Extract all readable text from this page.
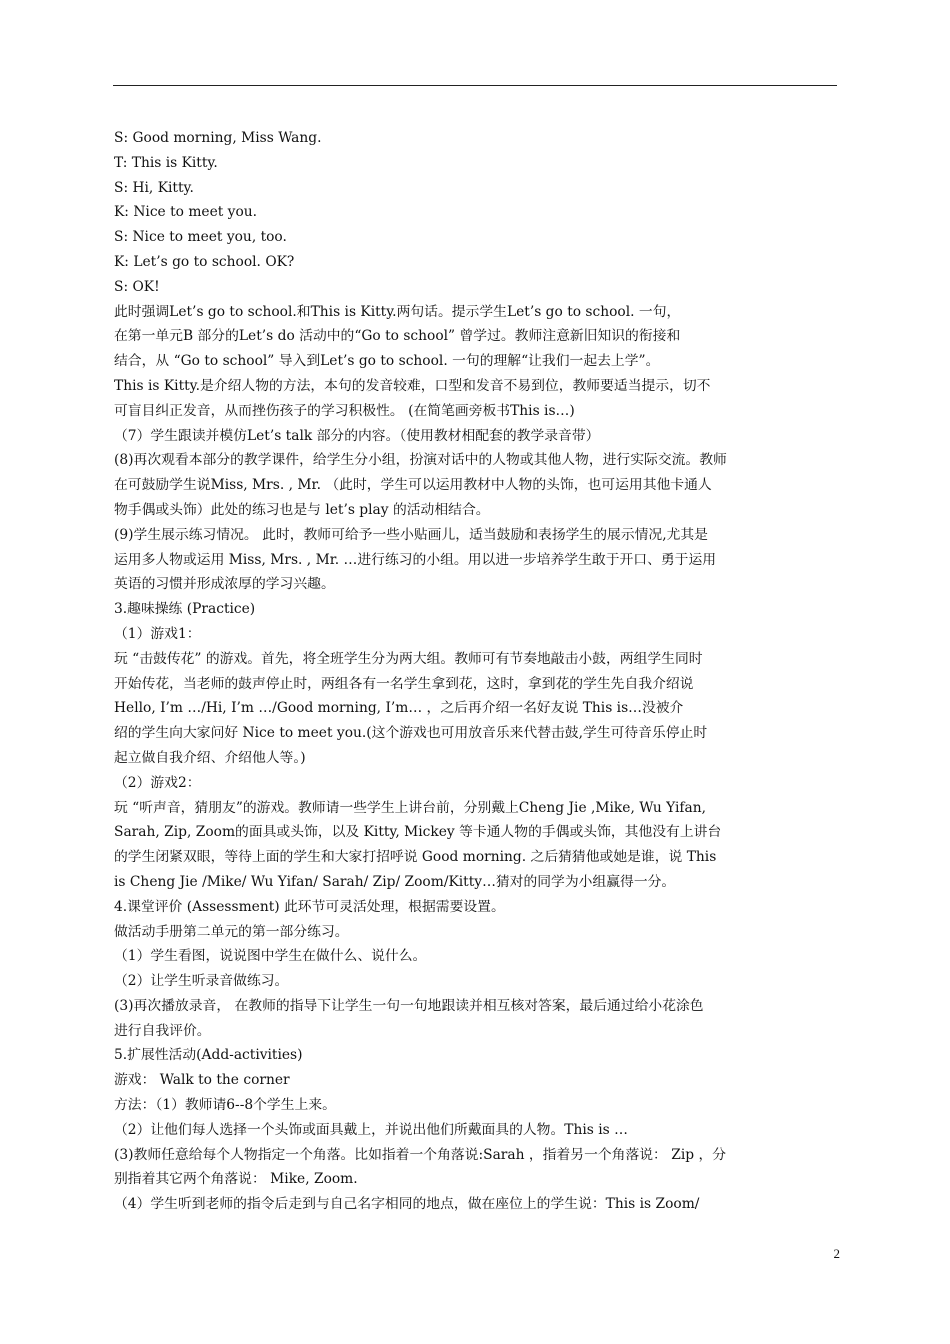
S: Good morning, Miss Wang.
T: This is Kitty.
S: Hi, Kitty.
K: Nice to meet you.
S: Nice to meet you, too.
K: Let’s go to school. OK?
S: OK!
此时强调Let’s go to school.和This is Kitty.两句话。提示学生Let’s go to school. 一句，
在第一单元B 部分的Let’s do 活动中的“Go to school” 曾学过。教师注意新旧知识的衔接和
结合，从 “Go to school” 导入到Let’s go to school. 一句的理解“让我们一起去上学”。
This is Kitty.是介绍人物的方法，本句的发音较难，口型和发音不易到位，教师要适当提示，切不
可盲目纠正发音，从而挫伤孩子的学习积极性。 (在简笔画旁板书This is…)
（7）学生跟读并模仿Let’s talk 部分的内容。（使用教材相配套的教学录音带）
(8)再次观看本部分的教学课件，给学生分小组，扮演对话中的人物或其他人物，进行实际交流。教师
在可鼓励学生说Miss, Mrs. , Mr. （此时，学生可以运用教材中人物的头饰，也可运用其他卡通人
物手偶或头饰）此处的练习也是与 let’s play 的活动相结合。
(9)学生展示练习情况。 此时，教师可给予一些小贴画儿，适当鼓励和表扬学生的展示情况,尤其是
运用多人物或运用 Miss, Mrs. , Mr. …进行练习的小组。用以进一步培养学生敢于开口、勇于运用
英语的习惯并形成浓厚的学习兴趣。
3.趣味操练 (Practice)
（1）游戏1：
玩 “击鼓传花” 的游戏。首先，将全班学生分为两大组。教师可有节奏地敲击小鼓，两组学生同时
开始传花，当老师的鼓声停止时，两组各有一名学生拿到花，这时，拿到花的学生先自我介绍说
Hello, I’m …/Hi, I’m …/Good morning, I’m… ，之后再介绍一名好友说 This is…没被介
绍的学生向大家问好 Nice to meet you.(这个游戏也可用放音乐来代替击鼓,学生可待音乐停止时
起立做自我介绍、介绍他人等。)
（2）游戏2：
玩 “听声音，猜朋友”的游戏。教师请一些学生上讲台前，分别戴上Cheng Jie ,Mike, Wu Yifan,
Sarah, Zip, Zoom的面具或头饰，以及 Kitty, Mickey 等卡通人物的手偶或头饰，其他没有上讲台
的学生闭紧双眼，等待上面的学生和大家打招呼说 Good morning. 之后猜猜他或她是谁，说 This
is Cheng Jie /Mike/ Wu Yifan/ Sarah/ Zip/ Zoom/Kitty…猜对的同学为小组赢得一分。
4.课堂评价 (Assessment) 此环节可灵活处理，根据需要设置。
做活动手册第二单元的第一部分练习。
（1）学生看图，说说图中学生在做什么、说什么。
（2）让学生听录音做练习。
(3)再次播放录音， 在教师的指导下让学生一句一句地跟读并相互核对答案，最后通过给小花涂色
进行自我评价。
5.扩展性活动(Add-activities)
游戏： Walk to the corner
方法：（1）教师请6--8个学生上来。
（2）让他们每人选择一个头饰或面具戴上，并说出他们所戴面具的人物。This is …
(3)教师任意给每个人物指定一个角落。比如指着一个角落说:Sarah ，指着另一个角落说： Zip ，分
别指着其它两个角落说： Mike, Zoom.
（4）学生听到老师的指令后走到与自己名字相同的地点，做在座位上的学生说：This is Zoom/
2
